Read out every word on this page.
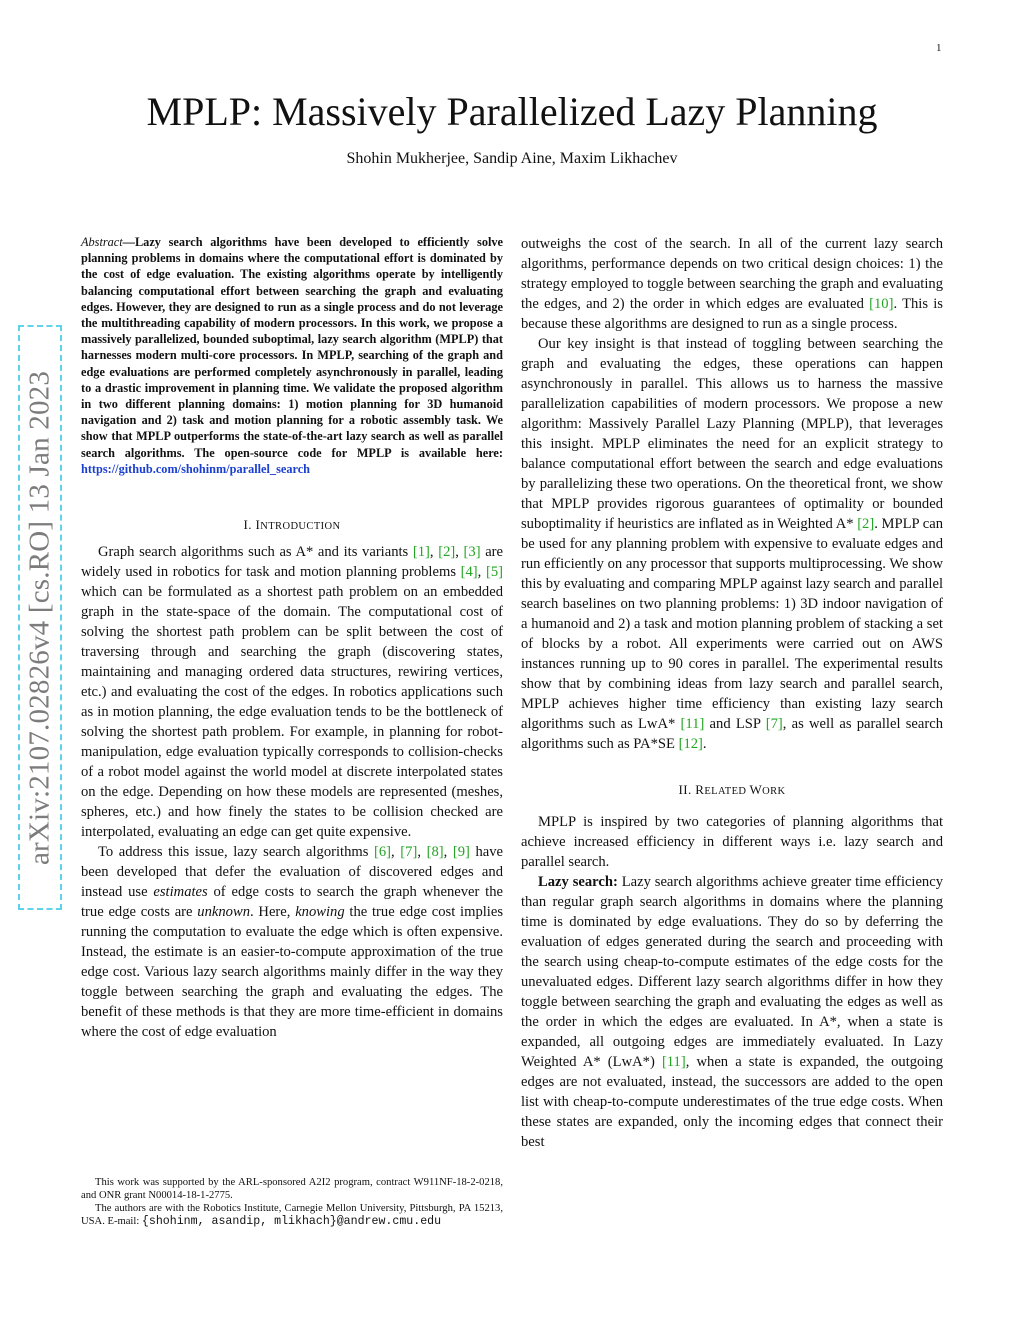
1
arXiv:2107.02826v4 [cs.RO] 13 Jan 2023
MPLP: Massively Parallelized Lazy Planning
Shohin Mukherjee, Sandip Aine, Maxim Likhachev

Abstract—Lazy search algorithms have been developed to efficiently solve planning problems in domains where the computational effort is dominated by the cost of edge evaluation. The existing algorithms operate by intelligently balancing computational effort between searching the graph and evaluating edges. However, they are designed to run as a single process and do not leverage the multithreading capability of modern processors. In this work, we propose a massively parallelized, bounded suboptimal, lazy search algorithm (MPLP) that harnesses modern multi-core processors. In MPLP, searching of the graph and edge evaluations are performed completely asynchronously in parallel, leading to a drastic improvement in planning time. We validate the proposed algorithm in two different planning domains: 1) motion planning for 3D humanoid navigation and 2) task and motion planning for a robotic assembly task. We show that MPLP outperforms the state-of-the-art lazy search as well as parallel search algorithms. The open-source code for MPLP is available here: https://github.com/shohinm/parallel_search

I. INTRODUCTION

Graph search algorithms such as A* and its variants [1], [2], [3] are widely used in robotics for task and motion planning problems [4], [5] which can be formulated as a shortest path problem on an embedded graph in the state-space of the domain. The computational cost of solving the shortest path problem can be split between the cost of traversing through and searching the graph (discovering states, maintaining and managing ordered data structures, rewiring vertices, etc.) and evaluating the cost of the edges. In robotics applications such as in motion planning, the edge evaluation tends to be the bottleneck of solving the shortest path problem. For example, in planning for robot-manipulation, edge evaluation typically corresponds to collision-checks of a robot model against the world model at discrete interpolated states on the edge. Depending on how these models are represented (meshes, spheres, etc.) and how finely the states to be collision checked are interpolated, evaluating an edge can get quite expensive.

To address this issue, lazy search algorithms [6], [7], [8], [9] have been developed that defer the evaluation of discovered edges and instead use estimates of edge costs to search the graph whenever the true edge costs are unknown. Here, knowing the true edge cost implies running the computation to evaluate the edge which is often expensive. Instead, the estimate is an easier-to-compute approximation of the true edge cost. Various lazy search algorithms mainly differ in the way they toggle between searching the graph and evaluating the edges. The benefit of these methods is that they are more time-efficient in domains where the cost of edge evaluation

This work was supported by the ARL-sponsored A2I2 program, contract W911NF-18-2-0218, and ONR grant N00014-18-1-2775.

The authors are with the Robotics Institute, Carnegie Mellon University, Pittsburgh, PA 15213, USA. E-mail: {shohinm, asandip, mlikhach}@andrew.cmu.edu

outweighs the cost of the search. In all of the current lazy search algorithms, performance depends on two critical design choices: 1) the strategy employed to toggle between searching the graph and evaluating the edges, and 2) the order in which edges are evaluated [10]. This is because these algorithms are designed to run as a single process.

Our key insight is that instead of toggling between searching the graph and evaluating the edges, these operations can happen asynchronously in parallel. This allows us to harness the massive parallelization capabilities of modern processors. We propose a new algorithm: Massively Parallel Lazy Planning (MPLP), that leverages this insight. MPLP eliminates the need for an explicit strategy to balance computational effort between the search and edge evaluations by parallelizing these two operations. On the theoretical front, we show that MPLP provides rigorous guarantees of optimality or bounded suboptimality if heuristics are inflated as in Weighted A* [2]. MPLP can be used for any planning problem with expensive to evaluate edges and run efficiently on any processor that supports multiprocessing. We show this by evaluating and comparing MPLP against lazy search and parallel search baselines on two planning problems: 1) 3D indoor navigation of a humanoid and 2) a task and motion planning problem of stacking a set of blocks by a robot. All experiments were carried out on AWS instances running up to 90 cores in parallel. The experimental results show that by combining ideas from lazy search and parallel search, MPLP achieves higher time efficiency than existing lazy search algorithms such as LwA* [11] and LSP [7], as well as parallel search algorithms such as PA*SE [12].

II. RELATED WORK

MPLP is inspired by two categories of planning algorithms that achieve increased efficiency in different ways i.e. lazy search and parallel search.

Lazy search: Lazy search algorithms achieve greater time efficiency than regular graph search algorithms in domains where the planning time is dominated by edge evaluations. They do so by deferring the evaluation of edges generated during the search and proceeding with the search using cheap-to-compute estimates of the edge costs for the unevaluated edges. Different lazy search algorithms differ in how they toggle between searching the graph and evaluating the edges as well as the order in which the edges are evaluated. In A*, when a state is expanded, all outgoing edges are immediately evaluated. In Lazy Weighted A* (LwA*) [11], when a state is expanded, the outgoing edges are not evaluated, instead, the successors are added to the open list with cheap-to-compute underestimates of the true edge costs. When these states are expanded, only the incoming edges that connect their best
